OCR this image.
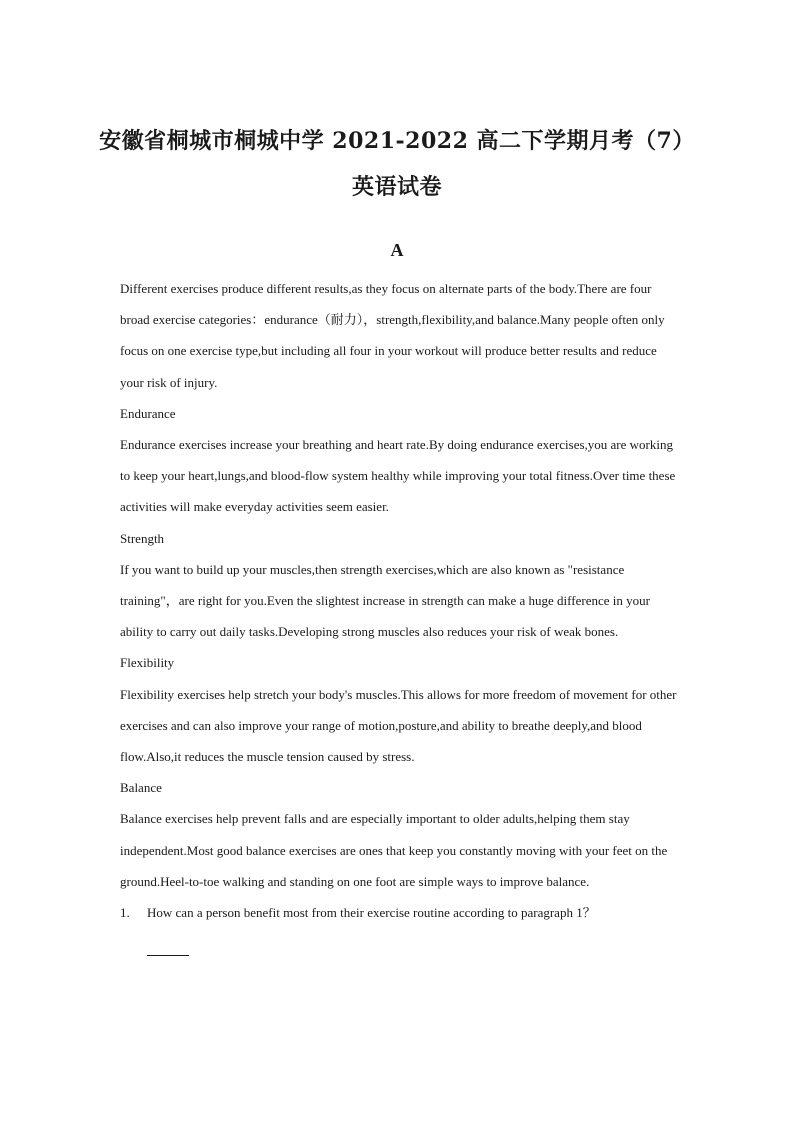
安徽省桐城市桐城中学 2021-2022 高二下学期月考（7）
英语试卷
A

Different exercises produce different results,as they focus on alternate parts of the body.There are four broad exercise categories：endurance（耐力），strength,flexibility,and balance.Many people often only focus on one exercise type,but including all four in your workout will produce better results and reduce your risk of injury.

Endurance

Endurance exercises increase your breathing and heart rate.By doing endurance exercises,you are working to keep your heart,lungs,and blood-flow system healthy while improving your total fitness.Over time these activities will make everyday activities seem easier.

Strength

If you want to build up your muscles,then strength exercises,which are also known as "resistance training"，are right for you.Even the slightest increase in strength can make a huge difference in your ability to carry out daily tasks.Developing strong muscles also reduces your risk of weak bones.

Flexibility

Flexibility exercises help stretch your body's muscles.This allows for more freedom of movement for other exercises and can also improve your range of motion,posture,and ability to breathe deeply,and blood flow.Also,it reduces the muscle tension caused by stress.

Balance

Balance exercises help prevent falls and are especially important to older adults,helping them stay independent.Most good balance exercises are ones that keep you constantly moving with your feet on the ground.Heel-to-toe walking and standing on one foot are simple ways to improve balance.

1.	How can a person benefit most from their exercise routine according to paragraph 1？
